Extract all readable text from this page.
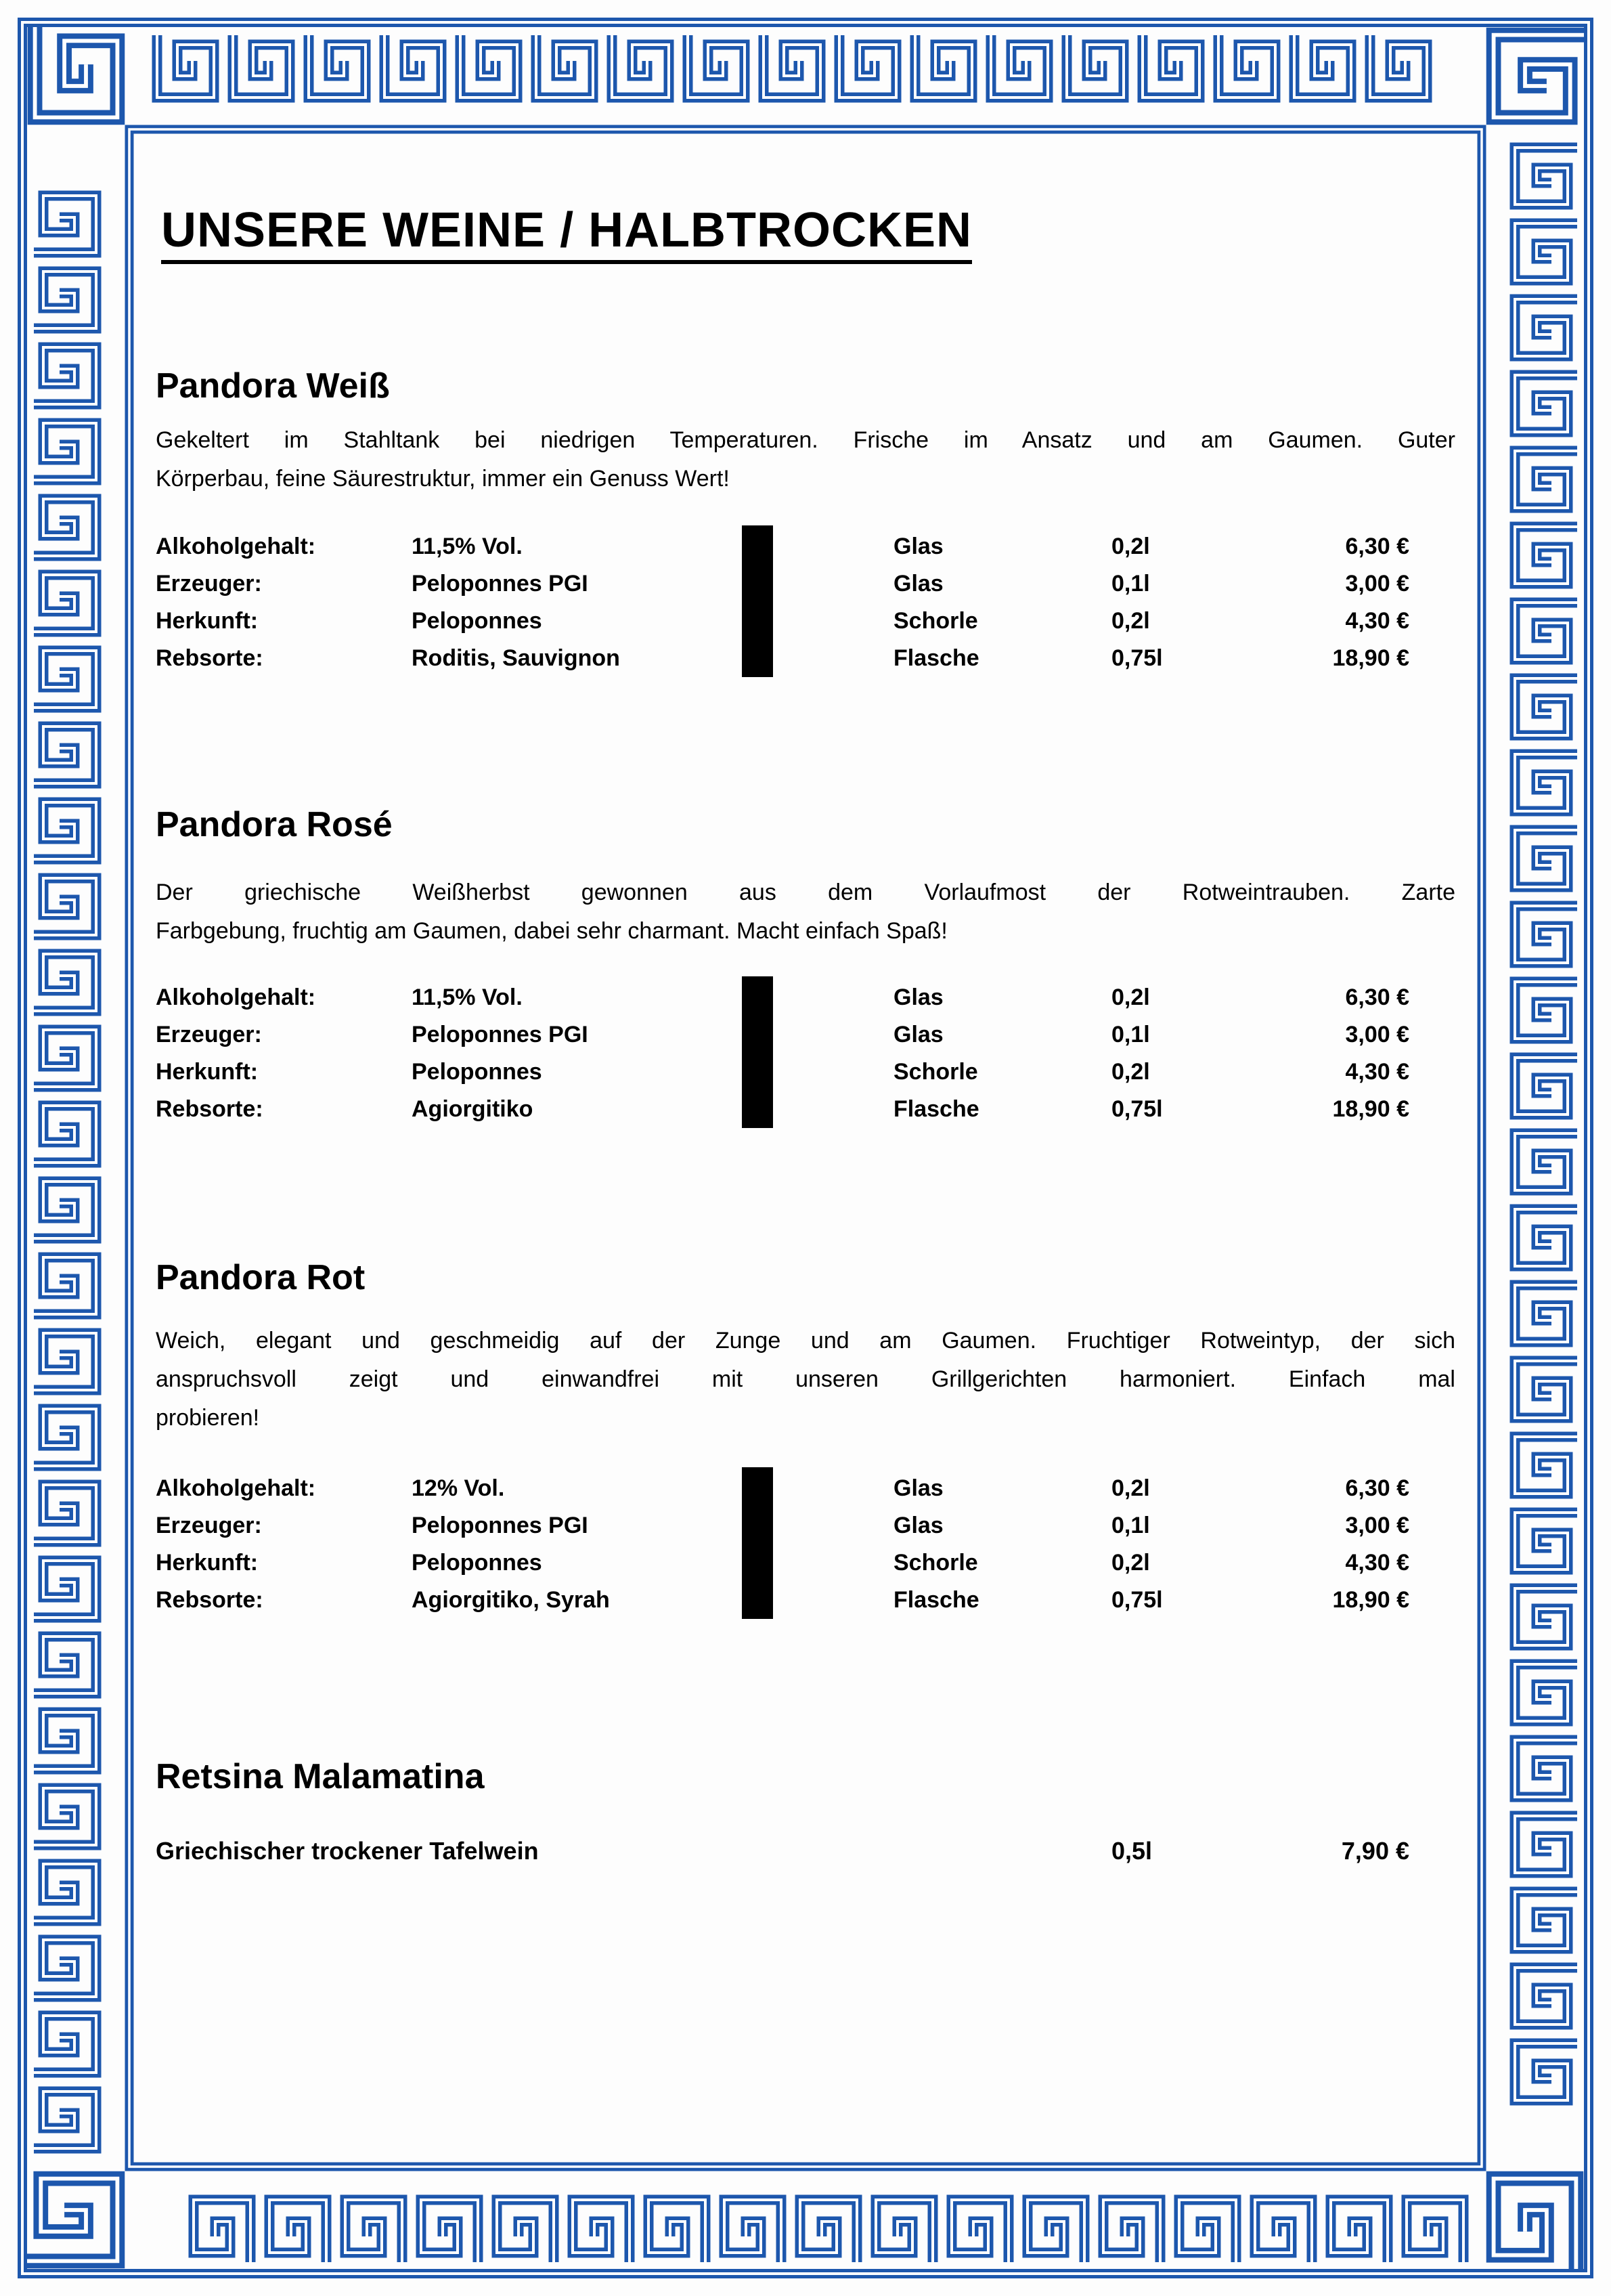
UNSERE WEINE / HALBTROCKEN
Pandora Weiß
Gekeltert im Stahltank bei niedrigen Temperaturen. Frische im Ansatz und am Gaumen. Guter
Körperbau, feine Säurestruktur, immer ein Genuss Wert!
Alkoholgehalt:	11,5% Vol.
Erzeuger:	Peloponnes PGI
Herkunft:	Peloponnes
Rebsorte:	Roditis, Sauvignon
Glas	0,2l	6,30 €
Glas	0,1l	3,00 €
Schorle	0,2l	4,30 €
Flasche	0,75l	18,90 €
Pandora Rosé
Der griechische Weißherbst gewonnen aus dem Vorlaufmost der Rotweintrauben. Zarte
Farbgebung, fruchtig am Gaumen, dabei sehr charmant. Macht einfach Spaß!
Alkoholgehalt:	11,5% Vol.
Erzeuger:	Peloponnes PGI
Herkunft:	Peloponnes
Rebsorte:	Agiorgitiko
Glas	0,2l	6,30 €
Glas	0,1l	3,00 €
Schorle	0,2l	4,30 €
Flasche	0,75l	18,90 €
Pandora Rot
Weich, elegant und geschmeidig auf der Zunge und am Gaumen. Fruchtiger Rotweintyp, der sich
anspruchsvoll zeigt und einwandfrei mit unseren Grillgerichten harmoniert. Einfach mal
probieren!
Alkoholgehalt:	12% Vol.
Erzeuger:	Peloponnes PGI
Herkunft:	Peloponnes
Rebsorte:	Agiorgitiko, Syrah
Glas	0,2l	6,30 €
Glas	0,1l	3,00 €
Schorle	0,2l	4,30 €
Flasche	0,75l	18,90 €
Retsina Malamatina
Griechischer trockener Tafelwein	0,5l	7,90 €
